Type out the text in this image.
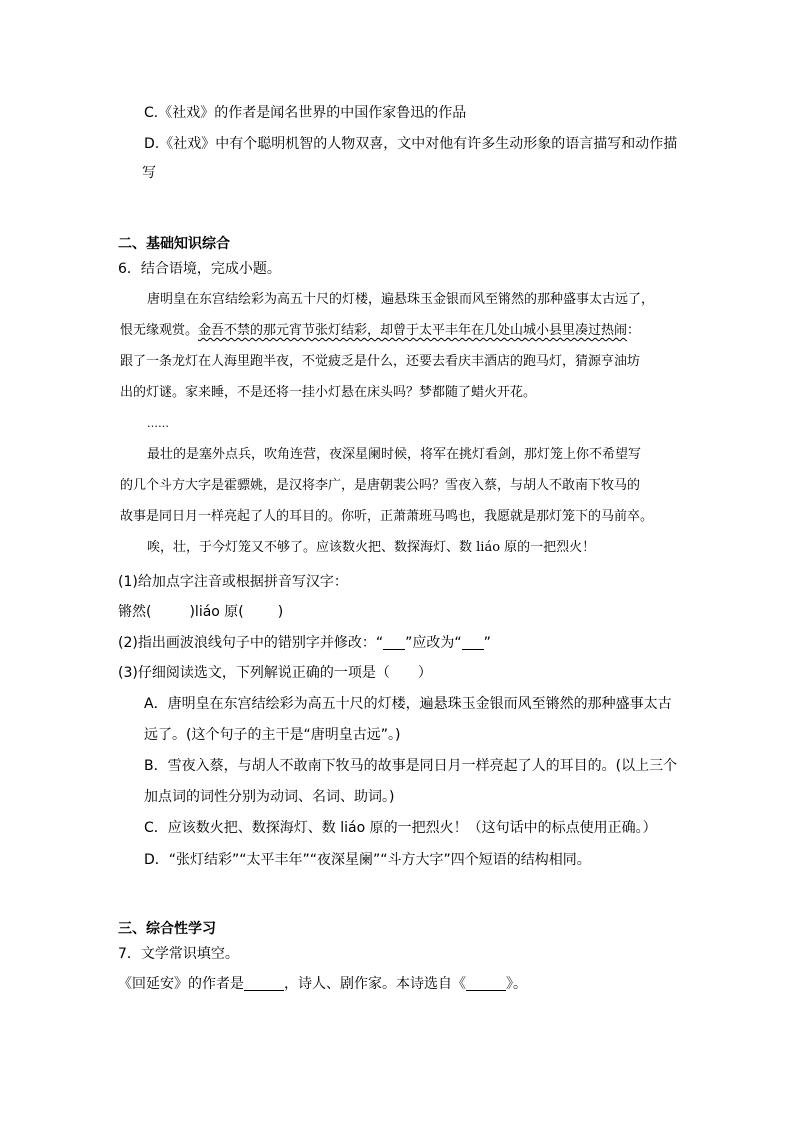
C.《社戏》的作者是闻名世界的中国作家鲁迅的作品
D.《社戏》中有个聪明机智的人物双喜，文中对他有许多生动形象的语言描写和动作描
写
二、基础知识综合
6．结合语境，完成小题。
唐明皇在东宫结绘彩为高五十尺的灯楼，遍悬珠玉金银而风至锵然的那种盛事太古远了，
恨无缘观赏。金吾不禁的那元宵节张灯结彩，却曾于太平丰年在几处山城小县里凑过热闹：
跟了一条龙灯在人海里跑半夜，不觉疲乏是什么，还要去看庆丰酒店的跑马灯，猜源亨油坊
出的灯谜。家来睡，不是还将一挂小灯悬在床头吗？梦都随了蜡火开花。
……
最壮的是塞外点兵，吹角连营，夜深星阑时候，将军在挑灯看剑，那灯笼上你不希望写
的几个斗方大字是霍骠姚，是汉将李广，是唐朝裴公吗？雪夜入蔡，与胡人不敢南下牧马的
故事是同日月一样亮起了人的耳目的。你听，正萧萧班马鸣也，我愿就是那灯笼下的马前卒。
唉，壮，于今灯笼又不够了。应该数火把、数探海灯、数 liáo 原的一把烈火！
(1)给加点字注音或根据拼音写汉字：
锵然(	)liáo 原( )
(2)指出画波浪线句子中的错别字并修改：“ ”应改为“ ”
(3)仔细阅读选文，下列解说正确的一项是（　　）
A．唐明皇在东宫结绘彩为高五十尺的灯楼，遍悬珠玉金银而风至锵然的那种盛事太古
远了。(这个句子的主干是“唐明皇古远”。)
B．雪夜入蔡，与胡人不敢南下牧马的故事是同日月一样亮起了人的耳目的。(以上三个
加点词的词性分别为动词、名词、助词。)
C．应该数火把、数探海灯、数 liáo 原的一把烈火！（这句话中的标点使用正确。）
D．“张灯结彩”“太平丰年”“夜深星阑”“斗方大字”四个短语的结构相同。
三、综合性学习
7．文学常识填空。
《回延安》的作者是	，诗人、剧作家。本诗选自《	》。
